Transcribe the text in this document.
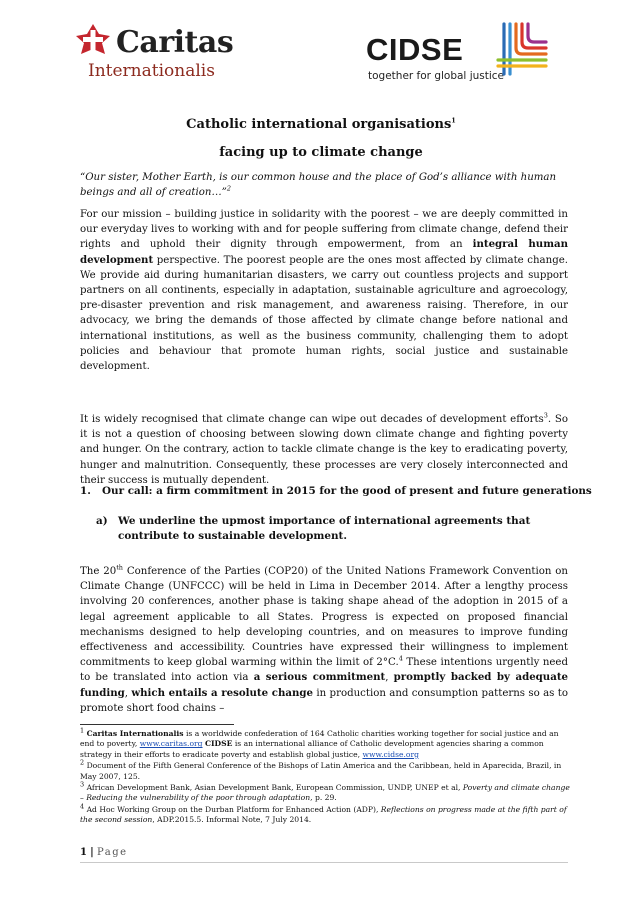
Caritas
Internationalis
CIDSE
together for global justice
Catholic international organisations$^1$
facing up to climate change
“Our sister, Mother Earth, is our common house and the place of God’s alliance with human beings and all of creation…”$^2$

For our mission – building justice in solidarity with the poorest – we are deeply committed in our everyday lives to working with and for people suffering from climate change, defend their rights and uphold their dignity through empowerment, from an integral human development perspective. The poorest people are the ones most affected by climate change. We provide aid during humanitarian disasters, we carry out countless projects and support partners on all continents, especially in adaptation, sustainable agriculture and agroecology, pre-disaster prevention and risk management, and awareness raising. Therefore, in our advocacy, we bring the demands of those affected by climate change before national and international institutions, as well as the business community, challenging them to adopt policies and behaviour that promote human rights, social justice and sustainable development.

It is widely recognised that climate change can wipe out decades of development efforts$^3$. So it is not a question of choosing between slowing down climate change and fighting poverty and hunger. On the contrary, action to tackle climate change is the key to eradicating poverty, hunger and malnutrition. Consequently, these processes are very closely interconnected and their success is mutually dependent.

1. Our call: a firm commitment in 2015 for the good of present and future generations
a) We underline the upmost importance of international agreements that contribute to sustainable development.

The 20th Conference of the Parties (COP20) of the United Nations Framework Convention on Climate Change (UNFCCC) will be held in Lima in December 2014. After a lengthy process involving 20 conferences, another phase is taking shape ahead of the adoption in 2015 of a legal agreement applicable to all States. Progress is expected on proposed financial mechanisms designed to help developing countries, and on measures to improve funding effectiveness and accessibility. Countries have expressed their willingness to implement commitments to keep global warming within the limit of 2°C.$^4$ These intentions urgently need to be translated into action via a serious commitment, promptly backed by adequate funding, which entails a resolute change in production and consumption patterns so as to promote short food chains –

$^1$ Caritas Internationalis is a worldwide confederation of 164 Catholic charities working together for social justice and an end to poverty, www.caritas.org CIDSE is an international alliance of Catholic development agencies sharing a common strategy in their efforts to eradicate poverty and establish global justice, www.cidse.org
$^2$ Document of the Fifth General Conference of the Bishops of Latin America and the Caribbean, held in Aparecida, Brazil, in May 2007, 125.
$^3$ African Development Bank, Asian Development Bank, European Commission, UNDP, UNEP et al, Poverty and climate change – Reducing the vulnerability of the poor through adaptation, p. 29.
$^4$ Ad Hoc Working Group on the Durban Platform for Enhanced Action (ADP), Reflections on progress made at the fifth part of the second session, ADP.2015.5. Informal Note, 7 July 2014.
1 | Page
